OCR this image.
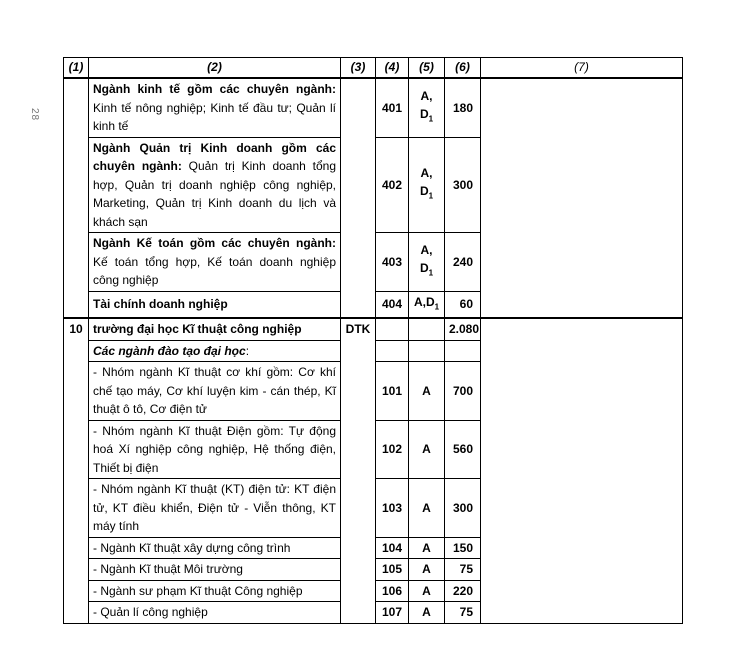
28
(1)	(2)	(3)	(4)	(5)	(6)	(7)
	Ngành kinh tế gồm các chuyên ngành: Kinh tế nông nghiệp; Kinh tế đầu tư; Quản lí kinh tế		401	A, $D_1$	180	
	Ngành Quản trị Kinh doanh gồm các chuyên ngành: Quản trị Kinh doanh tổng hợp, Quản trị doanh nghiệp công nghiệp, Marketing, Quản trị Kinh doanh du lịch và khách sạn		402	A, $D_1$	300	
	Ngành Kế toán gồm các chuyên ngành: Kế toán tổng hợp, Kế toán doanh nghiệp công nghiệp		403	A, $D_1$	240	
	Tài chính doanh nghiệp		404	$A,D_1$	60	
10	trường đại học Kĩ thuật công nghiệp	DTK			2.080	
	Các ngành đào tạo đại học:					
	- Nhóm ngành Kĩ thuật cơ khí gồm: Cơ khí chế tạo máy, Cơ khí luyện kim - cán thép, Kĩ thuật ô tô, Cơ điện tử		101	A	700	
	- Nhóm ngành Kĩ thuật Điện gồm: Tự động hoá Xí nghiệp công nghiệp, Hệ thống điện, Thiết bị điện		102	A	560	
	- Nhóm ngành Kĩ thuật (KT) điện tử: KT điện tử, KT điều khiển, Điện tử - Viễn thông, KT máy tính		103	A	300	
	- Ngành Kĩ thuật xây dựng công trình		104	A	150	
	- Ngành Kĩ thuật Môi trường		105	A	75	
	- Ngành sư phạm Kĩ thuật Công nghiệp		106	A	220	
	- Quản lí công nghiệp		107	A	75	
